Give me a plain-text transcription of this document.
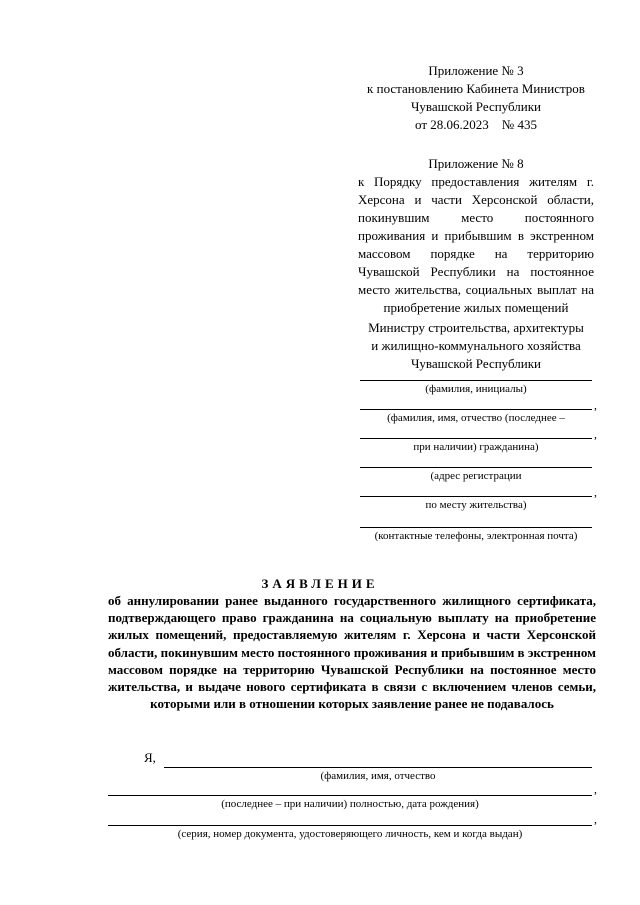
Приложение № 3
к постановлению Кабинета Министров
Чувашской Республики
от 28.06.2023    № 435
Приложение № 8
к Порядку предоставления жителям г. Херсона и части Херсонской области, покинувшим место постоянного проживания и прибывшим в экстренном массовом порядке на территорию Чувашской Республики на постоянное место жительства, социальных выплат на приобретение жилых помещений
Министру строительства, архитектуры
и жилищно-коммунального хозяйства
Чувашской Республики
(фамилия, инициалы)
,
(фамилия, имя, отчество (последнее –
,
при наличии) гражданина)
(адрес регистрации
,
по месту жительства)
(контактные телефоны, электронная почта)
ЗАЯВЛЕНИЕ
об аннулировании ранее выданного государственного жилищного сертификата, подтверждающего право гражданина на социальную выплату на приобретение жилых помещений, предоставляемую жителям г. Херсона и части Херсонской области, покинувшим место постоянного проживания и прибывшим в экстренном массовом порядке на территорию Чувашской Республики на постоянное место жительства, и выдаче нового сертификата в связи с включением членов семьи, которыми или в отношении которых заявление ранее не подавалось
Я,
(фамилия, имя, отчество
,
(последнее – при наличии) полностью, дата рождения)
,
(серия, номер документа, удостоверяющего личность, кем и когда выдан)
